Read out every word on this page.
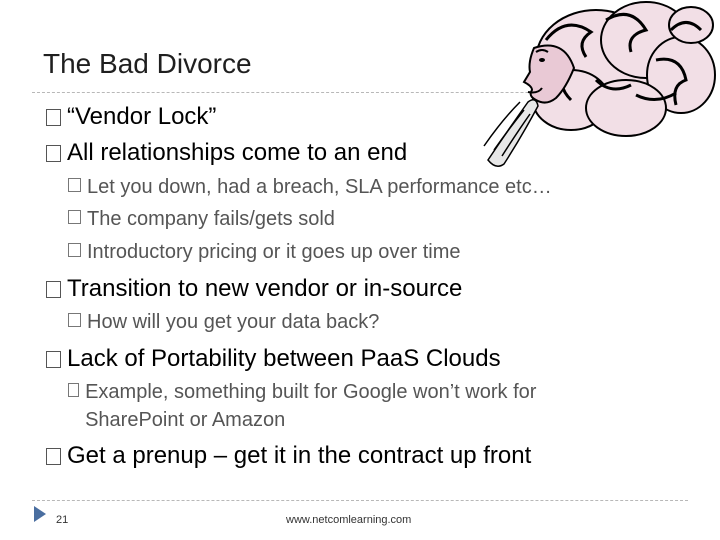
The Bad Divorce
“Vendor Lock”
All relationships come to an end
Let you down, had a breach, SLA performance etc…
The company fails/gets sold
Introductory pricing or it goes up over time
Transition to new vendor or in-source
How will you get your data back?
Lack of Portability between PaaS Clouds
Example, something built for Google won’t work for SharePoint or Amazon
Get a prenup – get it in the contract up front
21	www.netcomlearning.com
